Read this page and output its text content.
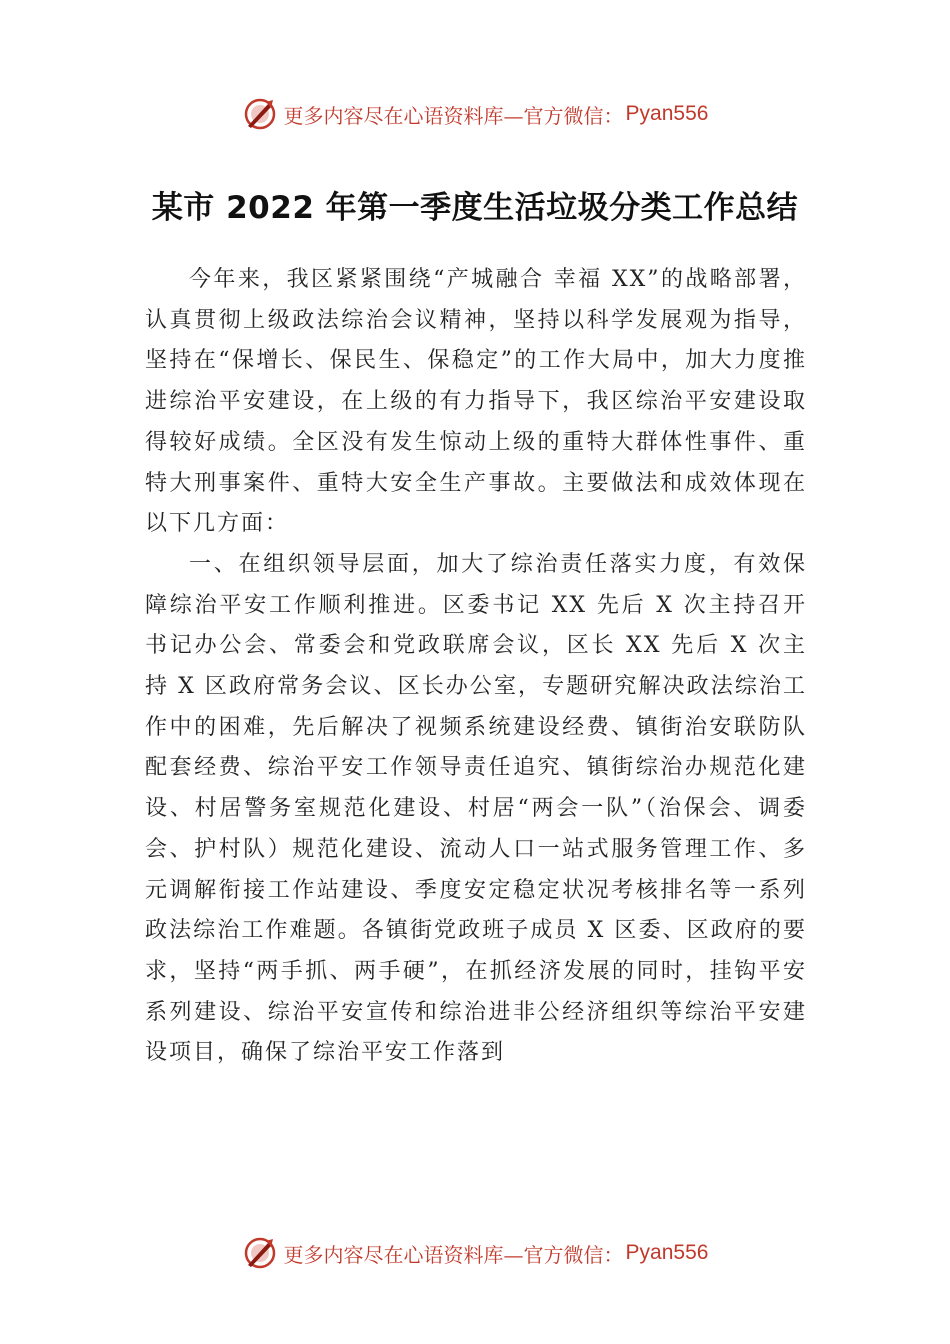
更多内容尽在心语资料库—官方微信： Pyan556
某市 2022 年第一季度生活垃圾分类工作总结

今年来，我区紧紧围绕“产城融合 幸福 XX”的战略部署，认真贯彻上级政法综治会议精神，坚持以科学发展观为指导，坚持在“保增长、保民生、保稳定”的工作大局中，加大力度推进综治平安建设，在上级的有力指导下，我区综治平安建设取得较好成绩。全区没有发生惊动上级的重特大群体性事件、重特大刑事案件、重特大安全生产事故。主要做法和成效体现在以下几方面：

一、在组织领导层面，加大了综治责任落实力度，有效保障综治平安工作顺利推进。区委书记 XX 先后 X 次主持召开书记办公会、常委会和党政联席会议，区长 XX 先后 X 次主持 X 区政府常务会议、区长办公室，专题研究解决政法综治工作中的困难，先后解决了视频系统建设经费、镇街治安联防队配套经费、综治平安工作领导责任追究、镇街综治办规范化建设、村居警务室规范化建设、村居“两会一队”（治保会、调委会、护村队）规范化建设、流动人口一站式服务管理工作、多元调解衔接工作站建设、季度安定稳定状况考核排名等一系列政法综治工作难题。各镇街党政班子成员 X 区委、区政府的要求，坚持“两手抓、两手硬”，在抓经济发展的同时，挂钩平安系列建设、综治平安宣传和综治进非公经济组织等综治平安建设项目，确保了综治平安工作落到

更多内容尽在心语资料库—官方微信： Pyan556
